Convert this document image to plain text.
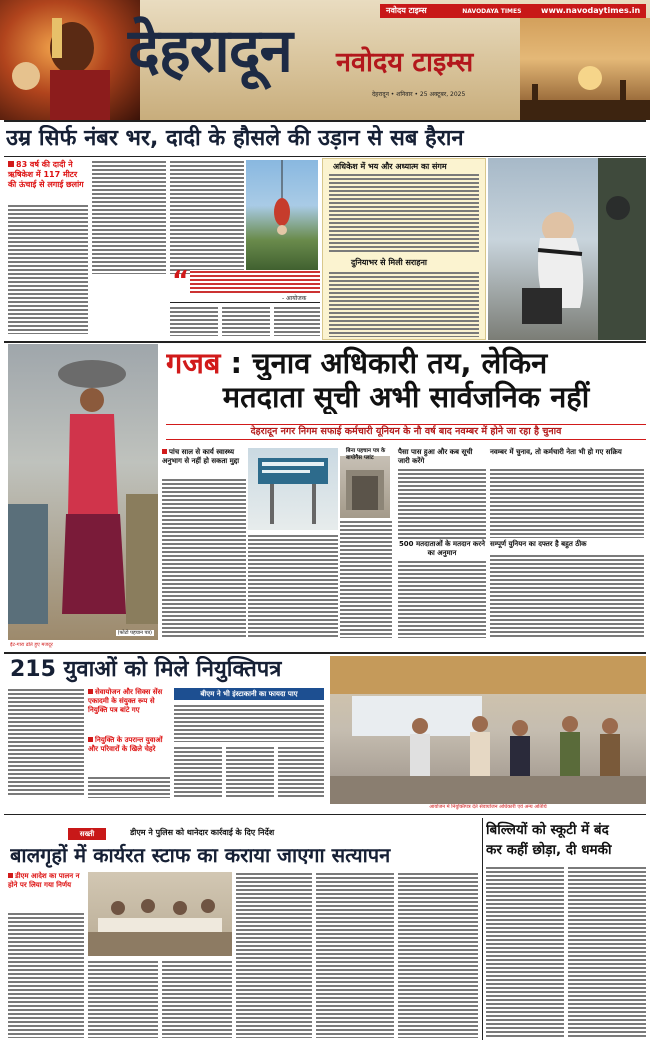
नवोदय टाइम्स	NAVODAYA TIMES www.navodaytimes.in
देहरादून नवोदय टाइम्स
देहरादून • शनिवार • 25 अक्टूबर, 2025
उम्र सिर्फ नंबर भर, दादी के हौसले की उड़ान से सब हैरान
83 वर्ष की दादी ने ऋषिकेश में 117 मीटर की ऊंचाई से लगाई छलांग
“
- आयोजक
अधिकेश में भय और अध्यात्म का संगम
दुनियाभर से मिली सराहना
(फोटो पहचान पत्र)
ईंट-गारा ढोते हुए मजदूर
गजब : चुनाव अधिकारी तय, लेकिन
मतदाता सूची अभी सार्वजनिक नहीं
देहरादून नगर निगम सफाई कर्मचारी यूनियन के नौ वर्ष बाद नवम्बर में होने जा रहा है चुनाव
पांच साल से कार्य स्वास्थ्य अनुभाग से नहीं हो सकता मुद्दा
बिना पहचान पत्र के बायोगैस प्लांट
पैसा पास हुआ और कब सूची जारी करेंगे
500 मतदाताओं के मतदान करने का अनुमान
नवम्बर में चुनाव, तो कर्मचारी नेता भी हो गए सक्रिय
सम्पूर्ण युनियन का दफ्तर है बहुत ठीक
215 युवाओं को मिले नियुक्तिपत्र
सेवायोजन और सिक्स सेंस एकादमी के संयुक्त रूप से नियुक्ति पत्र बांटे गए
नियुक्ति के उपरान्त युवाओं और परिवारों के खिले चेहरे
बीएम ने भी इंस्टाकानी का फायदा पाए
आयोजन में नियुक्तिपत्र देते सेवायोजन अधिकारी एवं अन्य अतिथि
सख्ती	डीएम ने पुलिस को थानेदार कार्रवाई के दिए निर्देश
बालगृहों में कार्यरत स्टाफ का कराया जाएगा सत्यापन
डीएम आदेश का पालन न होने पर लिया गया निर्णय
बिल्लियों को स्कूटी में बंद
कर कहीं छोड़ा, दी धमकी
